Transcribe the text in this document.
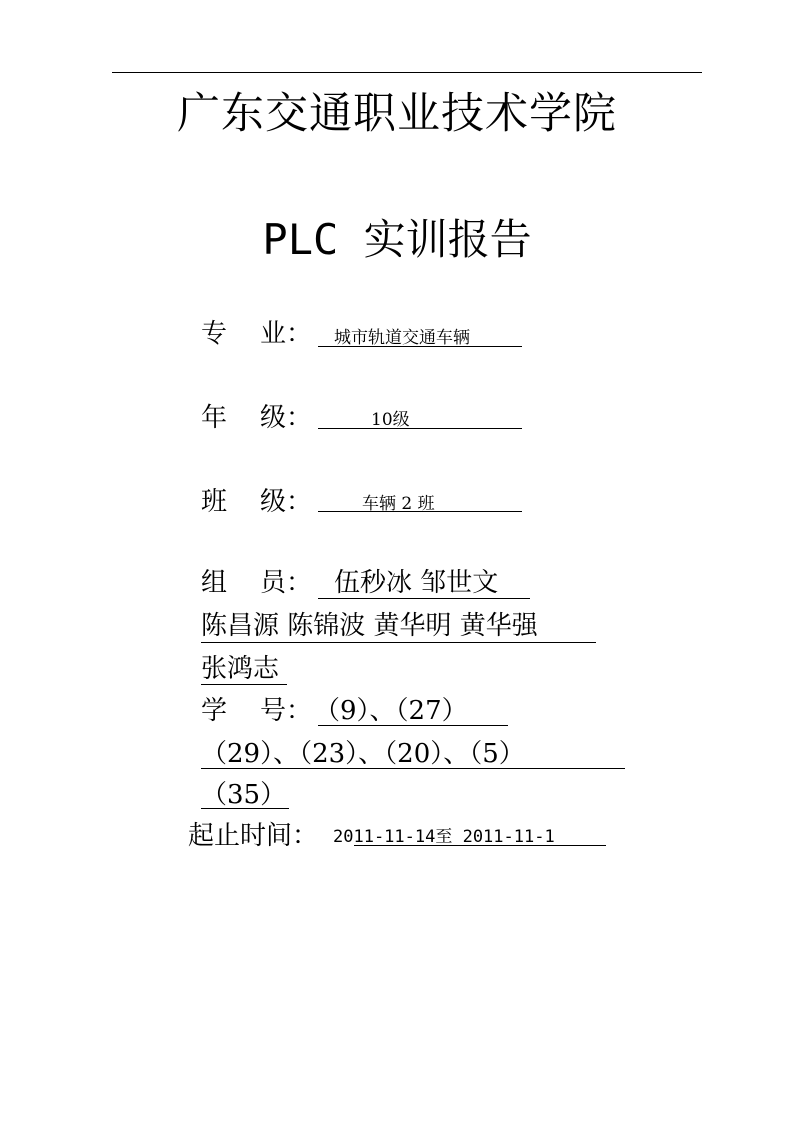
广东交通职业技术学院
PLC 实训报告
专 业： 城市轨道交通车辆
年 级：	10级
班 级：	车辆 2 班
组 员： 伍秒冰 邹世文
陈昌源 陈锦波 黄华明 黄华强
张鸿志
学 号： （9）、（27）
（29）、（23）、（20）、（5）
（35）
起止时间： 2011-11-14至 2011-11-1
